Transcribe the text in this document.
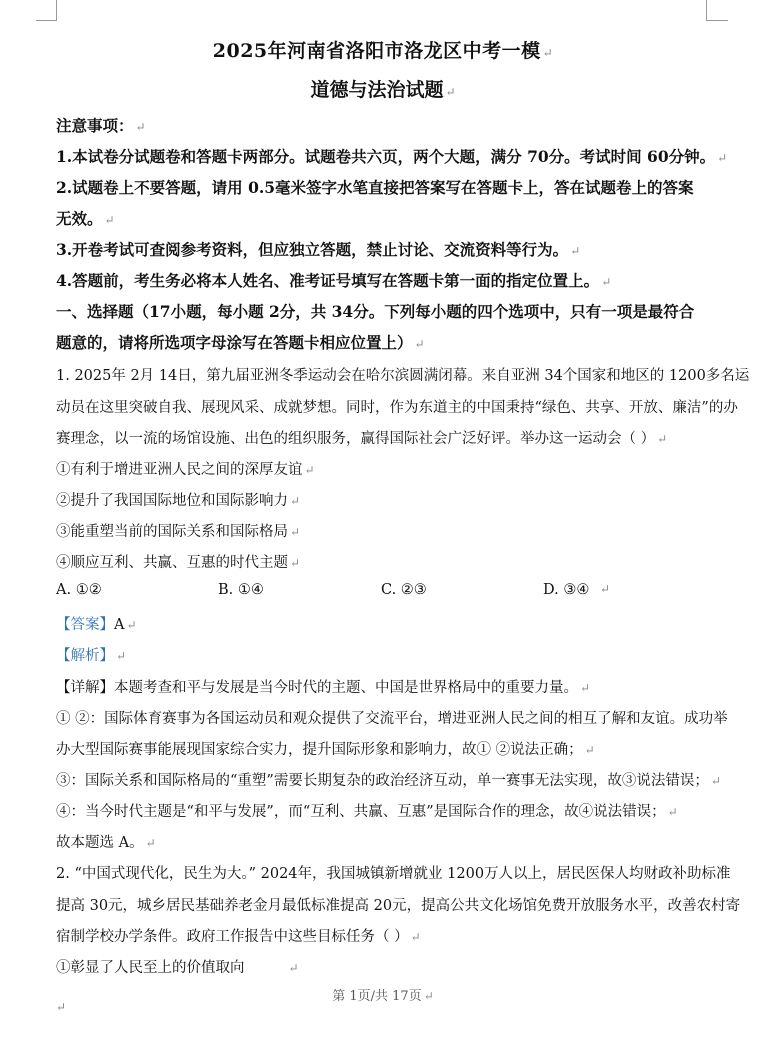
2025年河南省洛阳市洛龙区中考一模 ↵
道德与法治试题 ↵
注意事项： ↵
1.本试卷分试题卷和答题卡两部分。试题卷共六页，两个大题，满分 70分。考试时间 60分钟。 ↵
2.试题卷上不要答题，请用 0.5毫米签字水笔直接把答案写在答题卡上，答在试题卷上的答案
无效。 ↵
3.开卷考试可查阅参考资料，但应独立答题，禁止讨论、交流资料等行为。 ↵
4.答题前，考生务必将本人姓名、准考证号填写在答题卡第一面的指定位置上。 ↵
一、选择题（17小题，每小题 2分，共 34分。下列每小题的四个选项中，只有一项是最符合
题意的，请将所选项字母涂写在答题卡相应位置上） ↵
1. 2025年 2月 14日，第九届亚洲冬季运动会在哈尔滨圆满闭幕。来自亚洲 34个国家和地区的 1200多名运
动员在这里突破自我、展现风采、成就梦想。同时，作为东道主的中国秉持“绿色、共享、开放、廉洁”的办
赛理念，以一流的场馆设施、出色的组织服务，赢得国际社会广泛好评。举办这一运动会（ ） ↵
①有利于增进亚洲人民之间的深厚友谊 ↵
②提升了我国国际地位和国际影响力 ↵
③能重塑当前的国际关系和国际格局 ↵
④顺应互利、共赢、互惠的时代主题 ↵
A. ①②	B. ①④	C. ②③	D. ③④ ↵
【答案】A ↵
【解析】 ↵
【详解】本题考查和平与发展是当今时代的主题、中国是世界格局中的重要力量。 ↵
① ②：国际体育赛事为各国运动员和观众提供了交流平台，增进亚洲人民之间的相互了解和友谊。成功举
办大型国际赛事能展现国家综合实力，提升国际形象和影响力，故① ②说法正确； ↵
③：国际关系和国际格局的“重塑”需要长期复杂的政治经济互动，单一赛事无法实现，故③说法错误； ↵
④：当今时代主题是“和平与发展”，而“互利、共赢、互惠”是国际合作的理念，故④说法错误； ↵
故本题选 A。 ↵
2. “中国式现代化，民生为大。” 2024年，我国城镇新增就业 1200万人以上，居民医保人均财政补助标准
提高 30元，城乡居民基础养老金月最低标准提高 20元，提高公共文化场馆免费开放服务水平，改善农村寄
宿制学校办学条件。政府工作报告中这些目标任务（ ） ↵
①彰显了人民至上的价值取向	↵
第 1页/共 17页 ↵
↵
